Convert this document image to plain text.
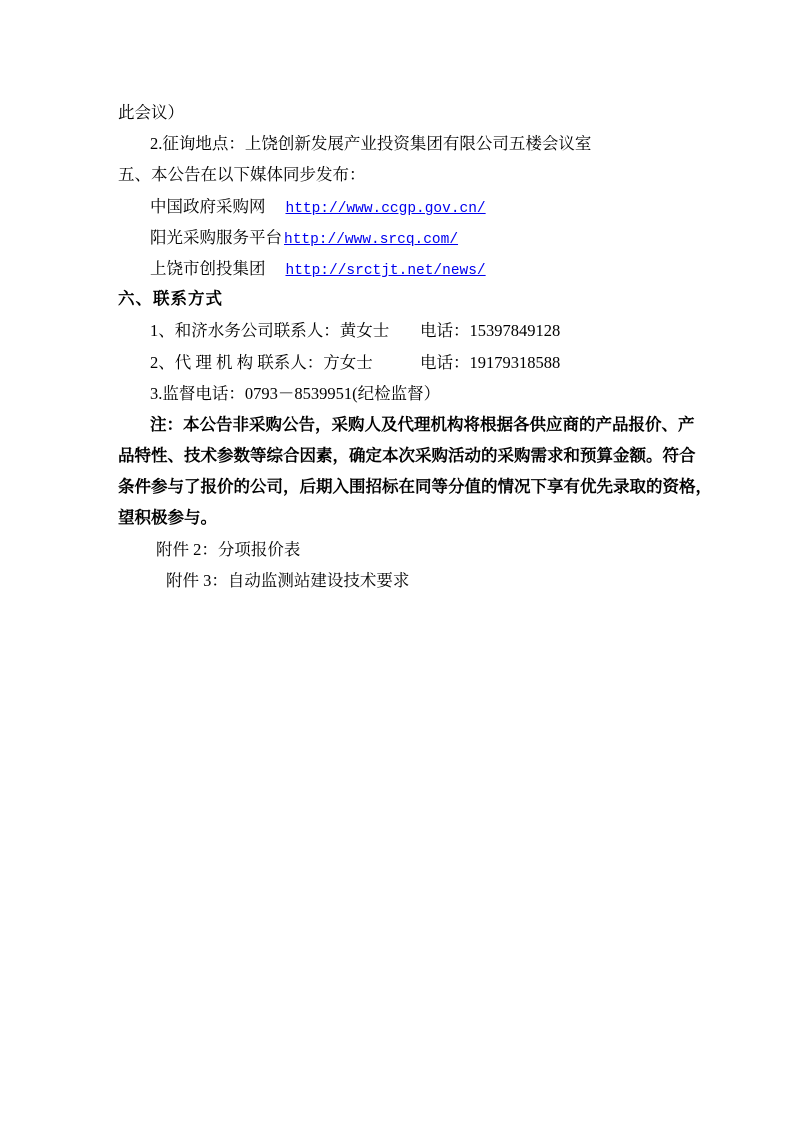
此会议）

2.征询地点：上饶创新发展产业投资集团有限公司五楼会议室

五、本公告在以下媒体同步发布：

中国政府采购网 http://www.ccgp.gov.cn/

阳光采购服务平台 http://www.srcq.com/

上饶市创投集团 http://srctjt.net/news/

六、联系方式

1、和济水务公司联系人：黄女士 电话：15397849128

2、代 理 机 构 联系人：方女士	电话：19179318588

3.监督电话：0793－8539951(纪检监督）

注：本公告非采购公告，采购人及代理机构将根据各供应商的产品报价、产

品特性、技术参数等综合因素，确定本次采购活动的采购需求和预算金额。符合

条件参与了报价的公司，后期入围招标在同等分值的情况下享有优先录取的资格，

望积极参与。

附件 2：分项报价表

附件 3：自动监测站建设技术要求
